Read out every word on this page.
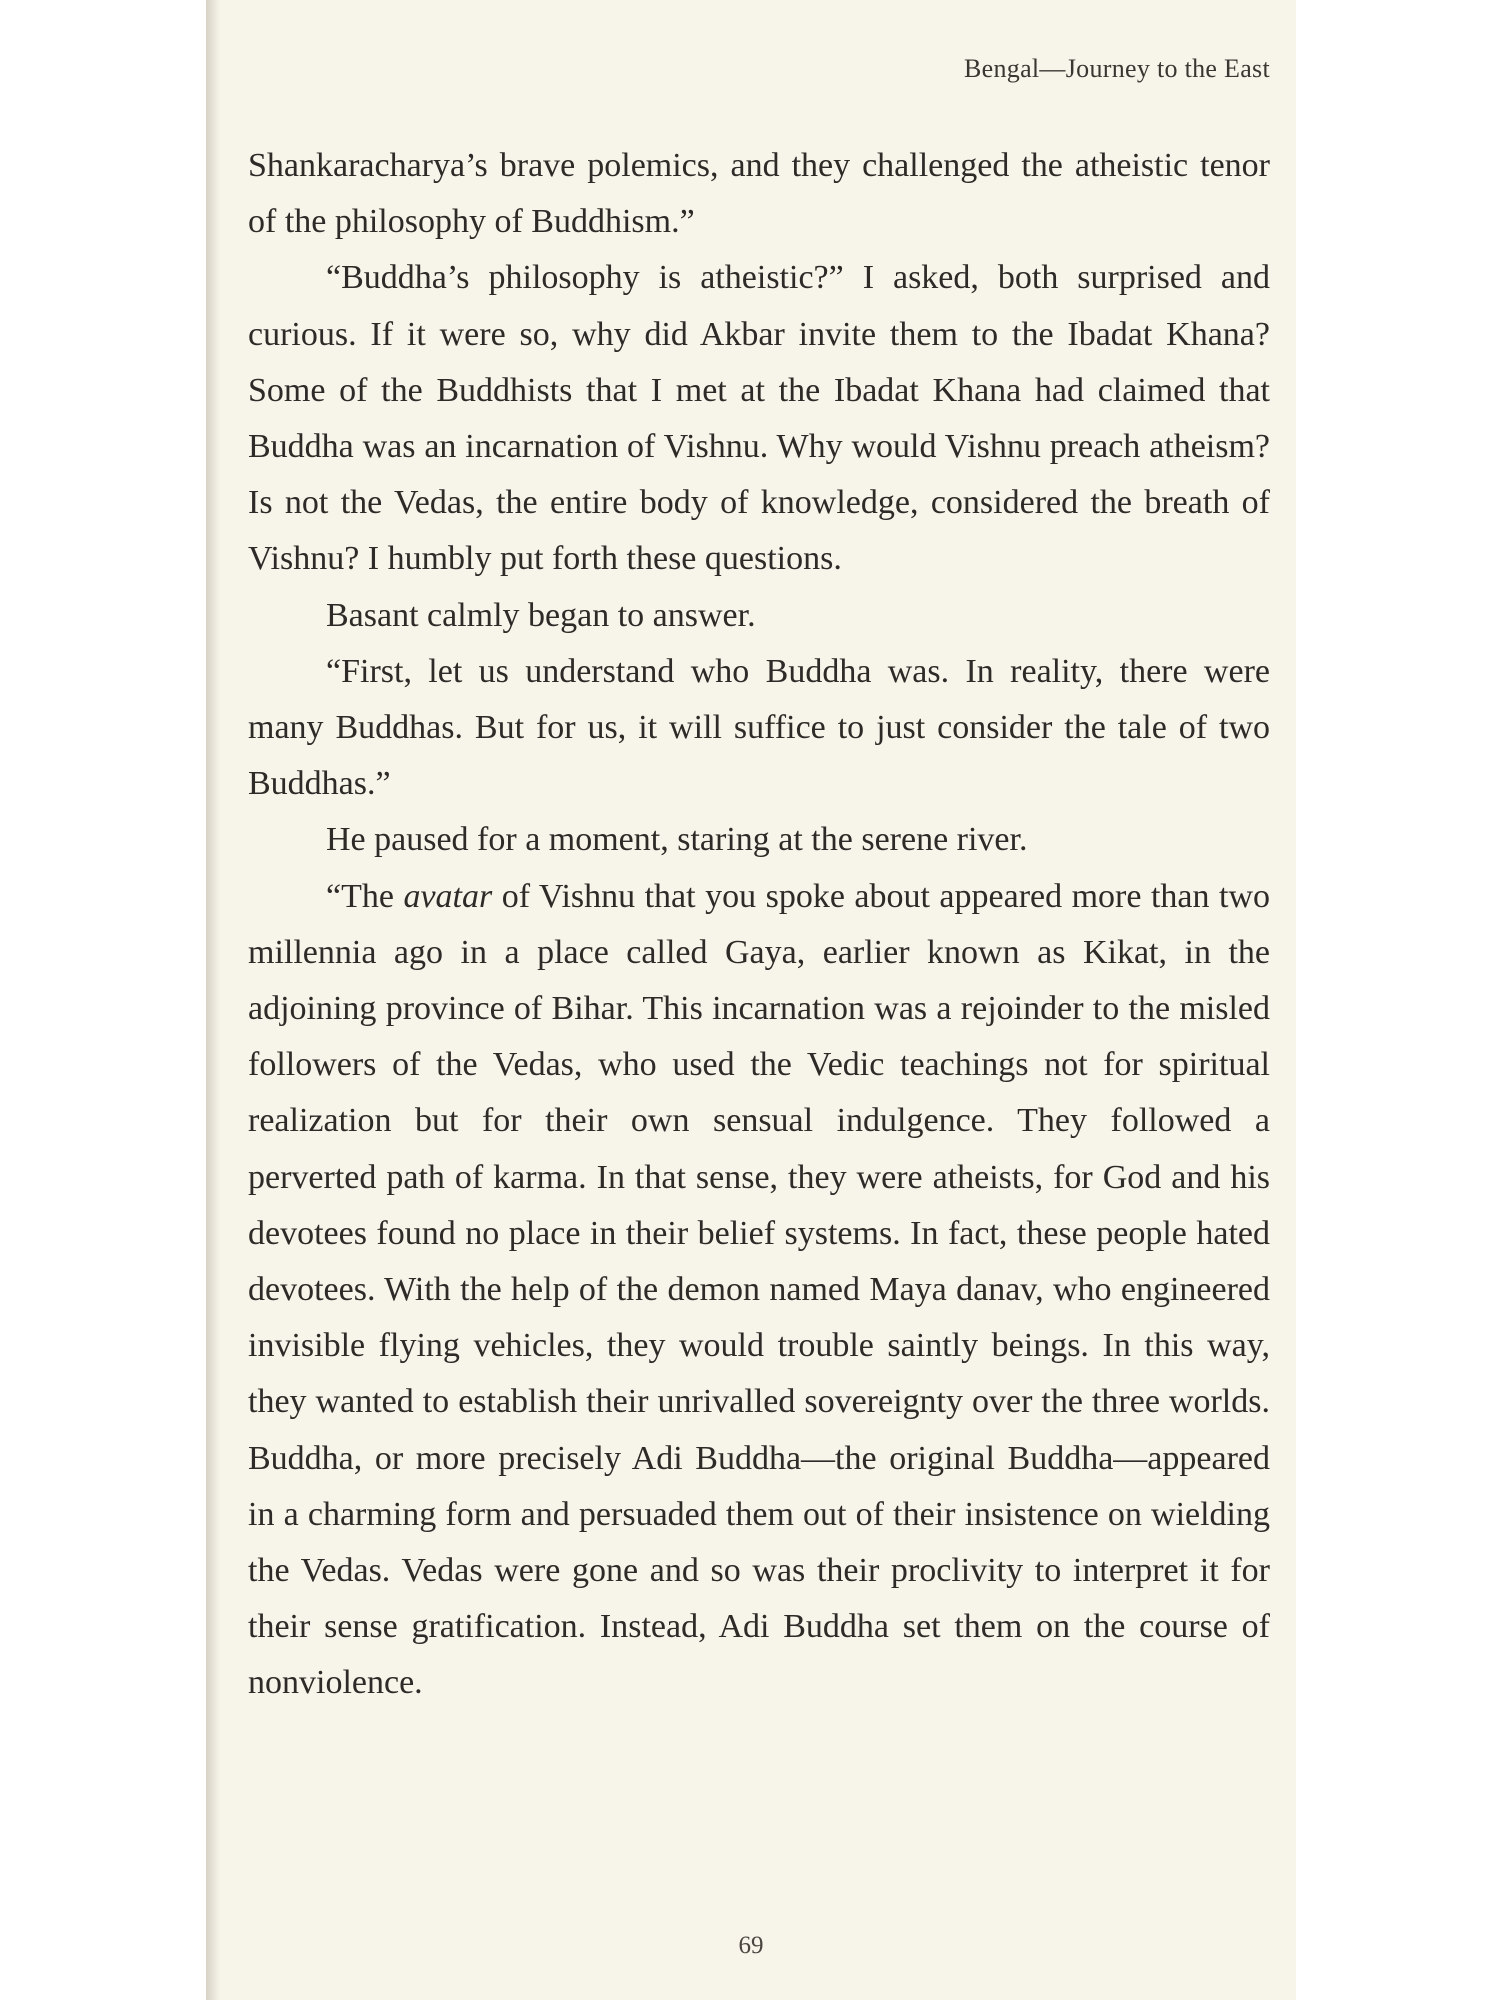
Bengal—Journey to the East

Shankaracharya’s brave polemics, and they challenged the atheistic tenor of the philosophy of Buddhism.”

“Buddha’s philosophy is atheistic?” I asked, both surprised and curious. If it were so, why did Akbar invite them to the Ibadat Khana? Some of the Buddhists that I met at the Ibadat Khana had claimed that Buddha was an incarnation of Vishnu. Why would Vishnu preach atheism? Is not the Vedas, the entire body of knowledge, considered the breath of Vishnu? I humbly put forth these questions.

Basant calmly began to answer.

“First, let us understand who Buddha was. In reality, there were many Buddhas. But for us, it will suffice to just consider the tale of two Buddhas.”

He paused for a moment, staring at the serene river.

“The avatar of Vishnu that you spoke about appeared more than two millennia ago in a place called Gaya, earlier known as Kikat, in the adjoining province of Bihar. This incarnation was a rejoinder to the misled followers of the Vedas, who used the Vedic teachings not for spiritual realization but for their own sensual indulgence. They followed a perverted path of karma. In that sense, they were atheists, for God and his devotees found no place in their belief systems. In fact, these people hated devotees. With the help of the demon named Maya danav, who engineered invisible flying vehicles, they would trouble saintly beings. In this way, they wanted to establish their unrivalled sovereignty over the three worlds. Buddha, or more precisely Adi Buddha—the original Buddha—appeared in a charming form and persuaded them out of their insistence on wielding the Vedas. Vedas were gone and so was their proclivity to interpret it for their sense gratification. Instead, Adi Buddha set them on the course of nonviolence.

69
